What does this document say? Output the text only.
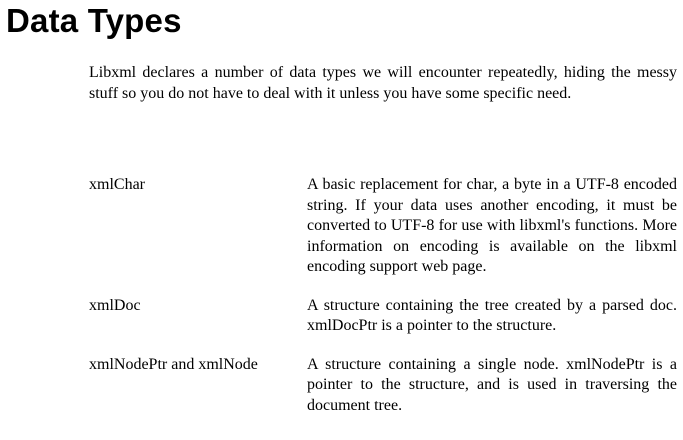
Data Types

Libxml declares a number of data types we will encounter repeatedly, hiding the messy stuff so you do not have to deal with it unless you have some specific need.

xmlChar	A basic replacement for char, a byte in a UTF-8 encoded string. If your data uses another encoding, it must be converted to UTF-8 for use with libxml's functions. More information on encoding is available on the libxml encoding support web page.
xmlDoc	A structure containing the tree created by a parsed doc. xmlDocPtr is a pointer to the structure.
xmlNodePtr and xmlNode	A structure containing a single node. xmlNodePtr is a pointer to the structure, and is used in traversing the document tree.
